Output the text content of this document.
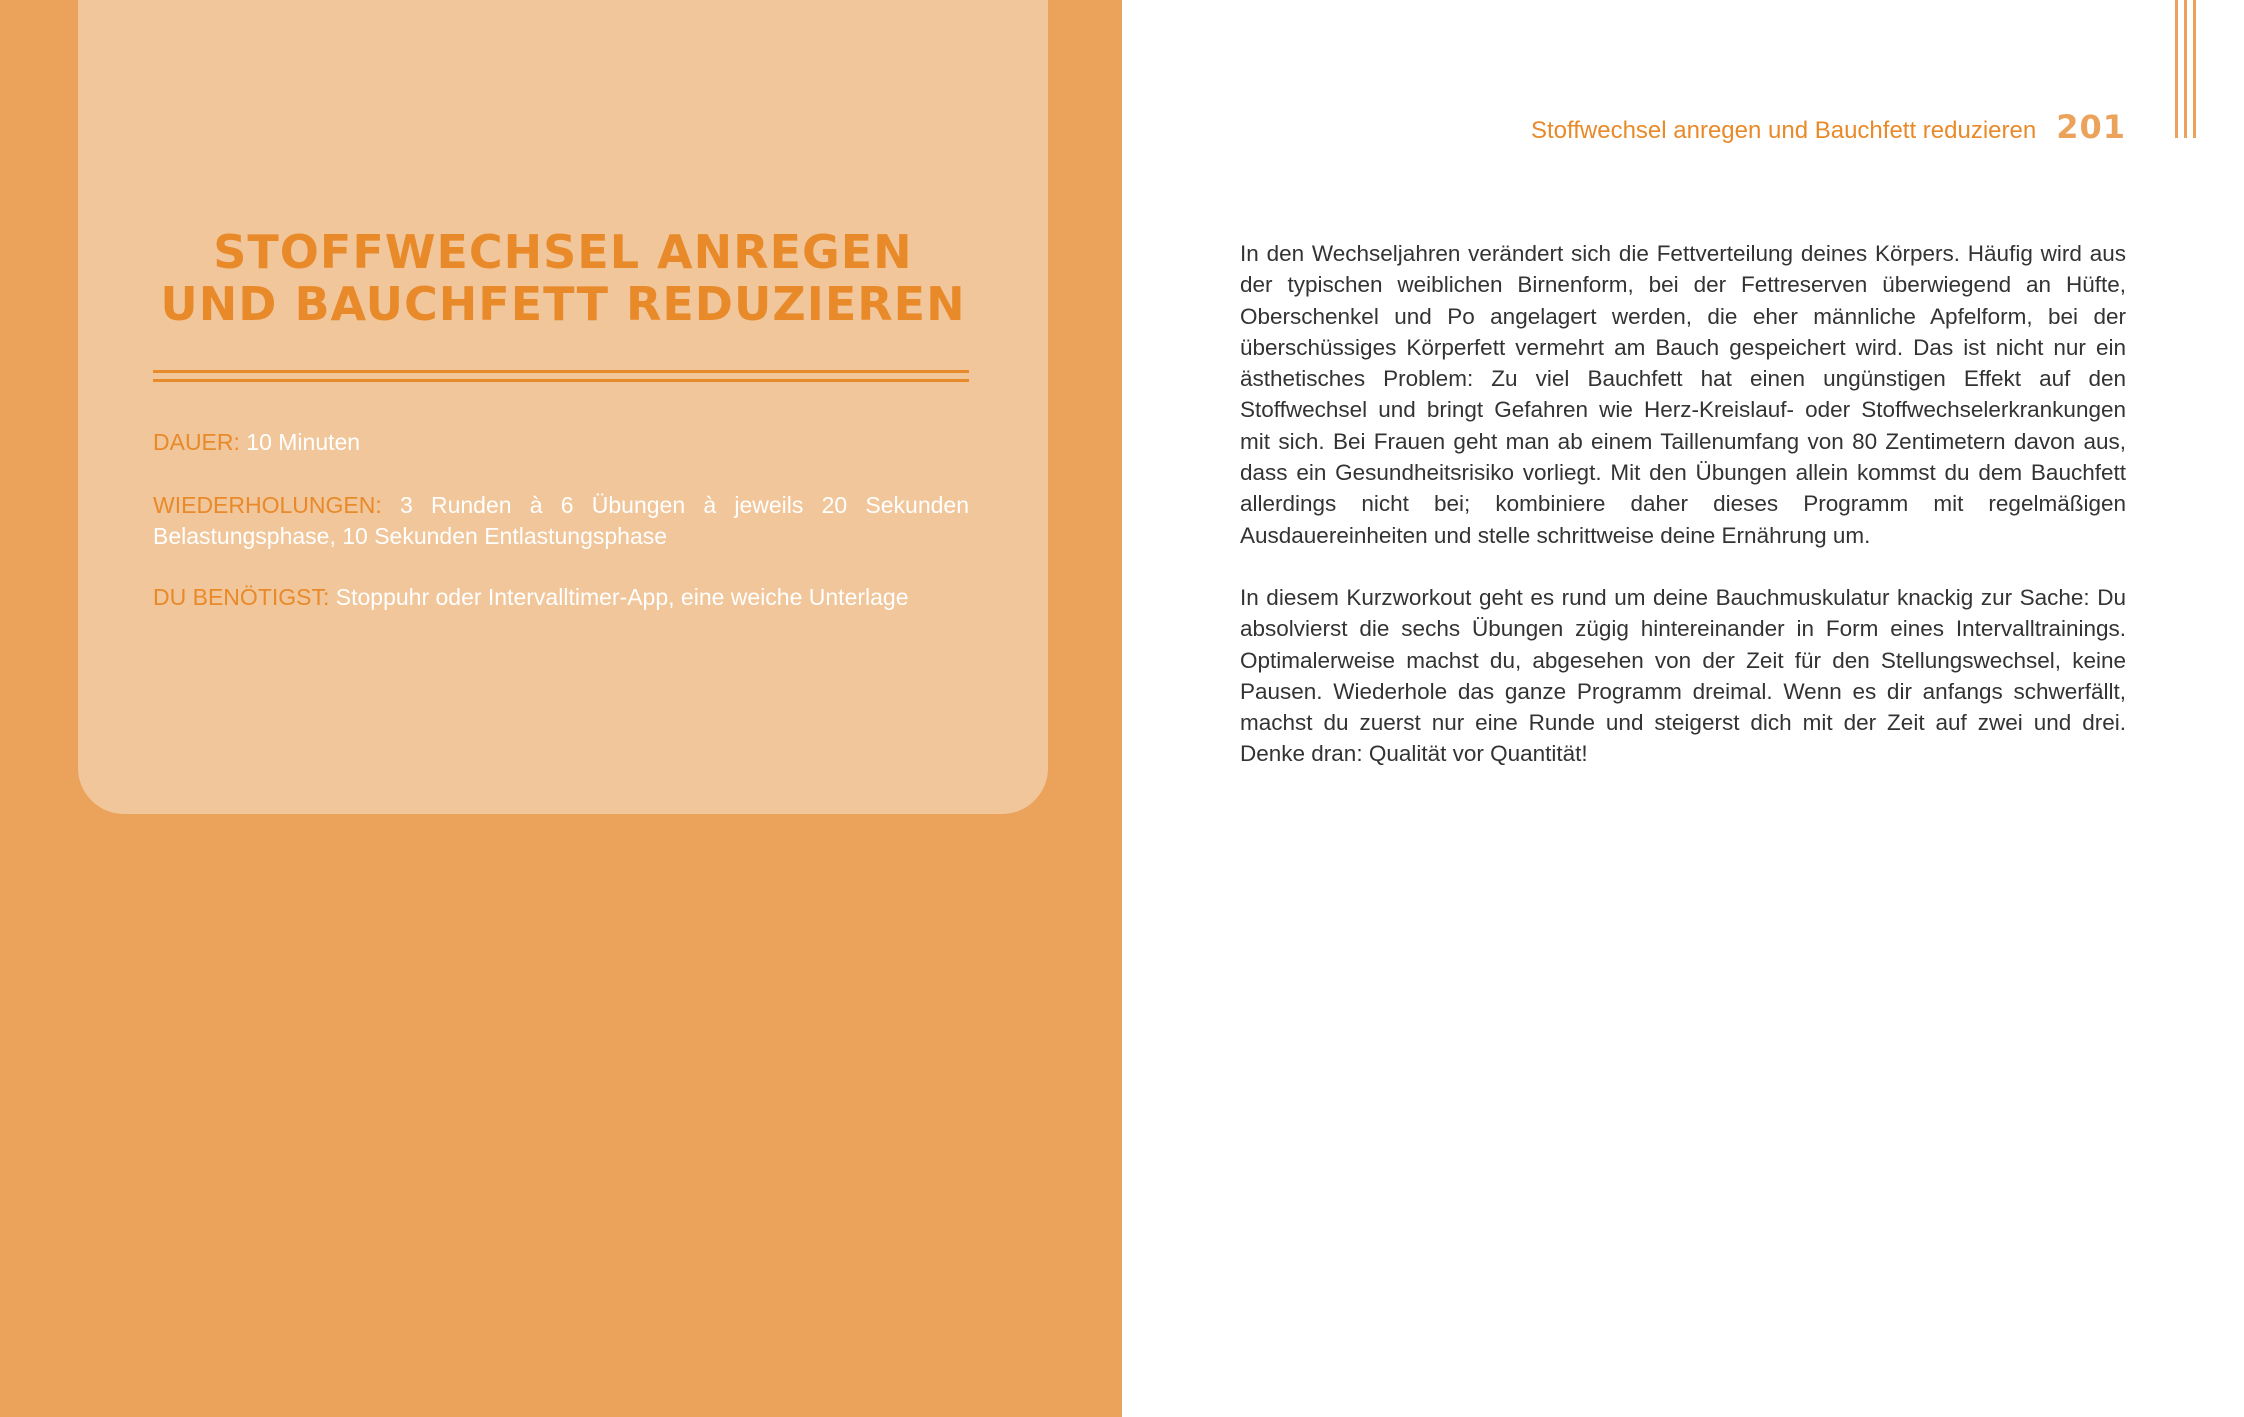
STOFFWECHSEL ANREGEN
UND BAUCHFETT REDUZIEREN

DAUER: 10 Minuten

WIEDERHOLUNGEN: 3 Runden à 6 Übungen à jeweils 20 Sekunden Belastungsphase, 10 Sekunden Entlastungsphase

DU BENÖTIGST: Stoppuhr oder Intervalltimer-App, eine weiche Unterlage

Stoffwechsel anregen und Bauchfett reduzieren 201

In den Wechseljahren verändert sich die Fettverteilung deines Körpers. Häufig wird aus der typischen weiblichen Birnenform, bei der Fettreserven überwiegend an Hüfte, Oberschenkel und Po angelagert werden, die eher männliche Apfelform, bei der überschüssiges Körperfett vermehrt am Bauch gespeichert wird. Das ist nicht nur ein ästhetisches Problem: Zu viel Bauchfett hat einen ungünstigen Effekt auf den Stoffwechsel und bringt Gefahren wie Herz-Kreislauf- oder Stoffwechselerkrankungen mit sich. Bei Frauen geht man ab einem Taillenumfang von 80 Zentimetern davon aus, dass ein Gesundheitsrisiko vorliegt. Mit den Übungen allein kommst du dem Bauchfett allerdings nicht bei; kombiniere daher dieses Programm mit regelmäßigen Ausdauereinheiten und stelle schrittweise deine Ernährung um.

In diesem Kurzworkout geht es rund um deine Bauchmuskulatur knackig zur Sache: Du absolvierst die sechs Übungen zügig hintereinander in Form eines Intervalltrainings. Optimalerweise machst du, abgesehen von der Zeit für den Stellungswechsel, keine Pausen. Wiederhole das ganze Programm dreimal. Wenn es dir anfangs schwerfällt, machst du zuerst nur eine Runde und steigerst dich mit der Zeit auf zwei und drei. Denke dran: Qualität vor Quantität!
